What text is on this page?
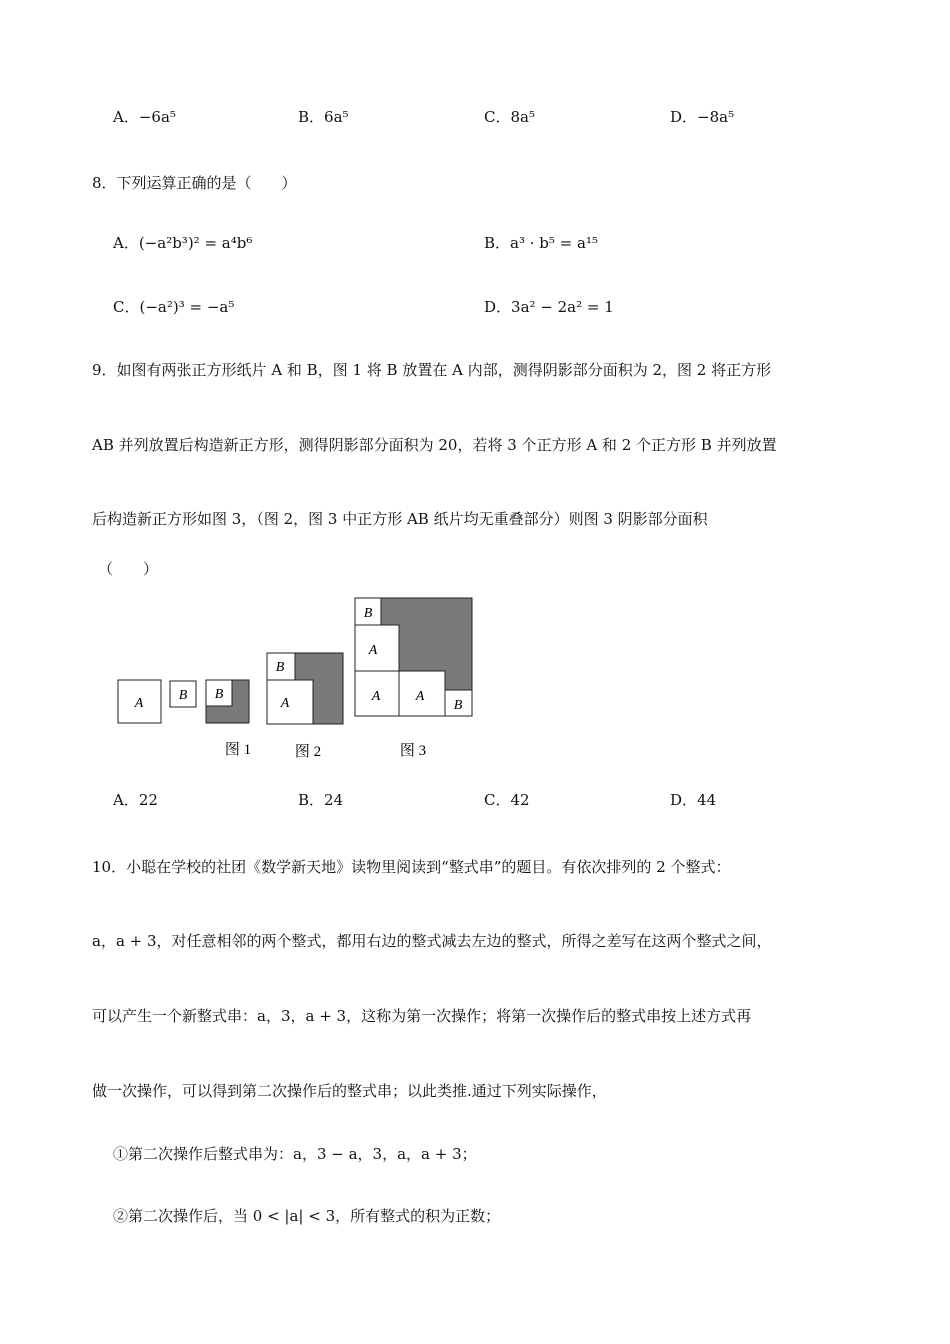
A．−6a⁵	B．6a⁵	C．8a⁵	D．−8a⁵
8．下列运算正确的是（　　）
A．(−a²b³)² = a⁴b⁶	B．a³ · b⁵ = a¹⁵
C．(−a²)³ = −a⁵	D．3a² − 2a² = 1
9．如图有两张正方形纸片 A 和 B，图 1 将 B 放置在 A 内部，测得阴影部分面积为 2，图 2 将正方形
AB 并列放置后构造新正方形，测得阴影部分面积为 20，若将 3 个正方形 A 和 2 个正方形 B 并列放置
后构造新正方形如图 3，（图 2，图 3 中正方形 AB 纸片均无重叠部分）则图 3 阴影部分面积
（　　）
A
B B
图 1
B
A
图 2
B
A
A	A
B
图 3
A．22	B．24	C．42	D．44
10．小聪在学校的社团《数学新天地》读物里阅读到“整式串”的题目。有依次排列的 2 个整式：
a，a + 3，对任意相邻的两个整式，都用右边的整式减去左边的整式，所得之差写在这两个整式之间，
可以产生一个新整式串：a，3，a + 3，这称为第一次操作；将第一次操作后的整式串按上述方式再
做一次操作，可以得到第二次操作后的整式串；以此类推.通过下列实际操作，
①第二次操作后整式串为：a，3 − a，3，a，a + 3；
②第二次操作后，当 0 < |a| < 3，所有整式的积为正数；
